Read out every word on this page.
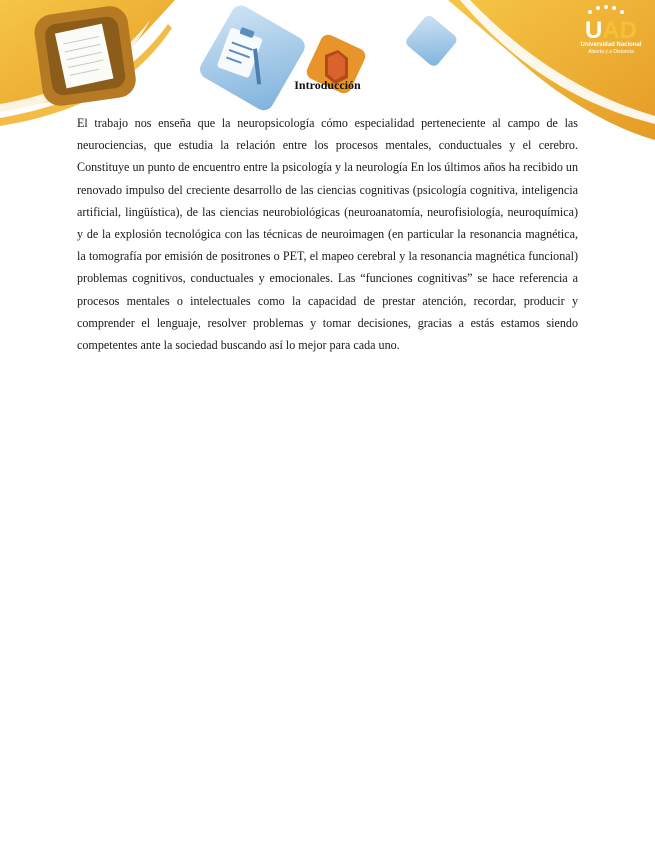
UAD
Universidad Nacional
Abierta y a Distancia
Introducción

El trabajo nos enseña que la neuropsicología cómo especialidad perteneciente al campo de las neurociencias, que estudia la relación entre los procesos mentales, conductuales y el cerebro. Constituye un punto de encuentro entre la psicología y la neurología En los últimos años ha recibido un renovado impulso del creciente desarrollo de las ciencias cognitivas (psicología cognitiva, inteligencia artificial, lingüística), de las ciencias neurobiológicas (neuroanatomía, neurofisiología, neuroquímica) y de la explosión tecnológica con las técnicas de neuroimagen (en particular la resonancia magnética, la tomografía por emisión de positrones o PET, el mapeo cerebral y la resonancia magnética funcional) problemas cognitivos, conductuales y emocionales. Las “funciones cognitivas” se hace referencia a procesos mentales o intelectuales como la capacidad de prestar atención, recordar, producir y comprender el lenguaje, resolver problemas y tomar decisiones, gracias a estás estamos siendo competentes ante la sociedad buscando así lo mejor para cada uno.
